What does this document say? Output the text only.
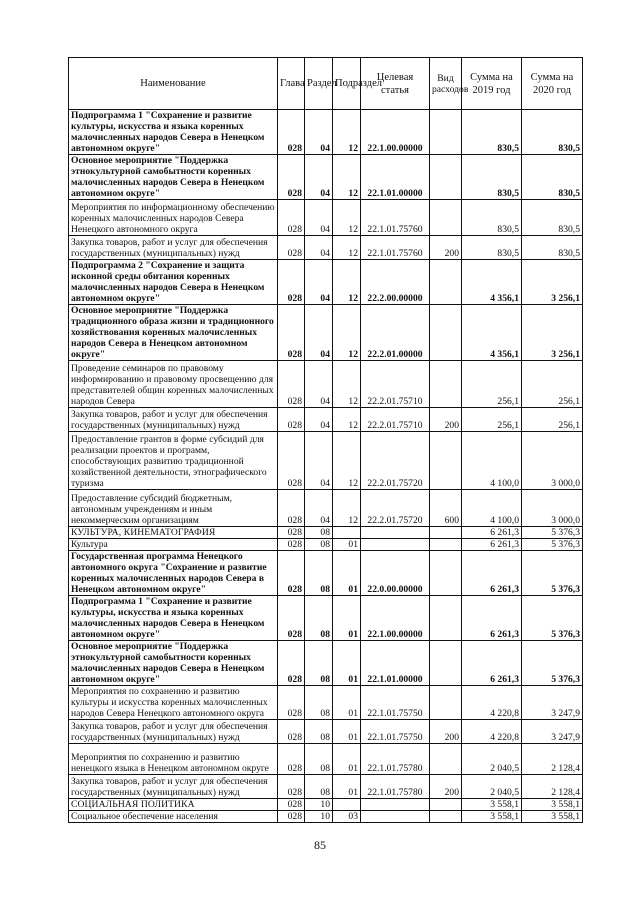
Наименование	Глава	Раздел	Подраздел	Целевая статья	Вид расходов	Сумма на 2019 год	Сумма на 2020 год
Подпрограмма 1 "Сохранение и развитие культуры, искусства и языка коренных малочисленных народов Севера в Ненецком автономном округе"	028	04	12	22.1.00.00000		830,5	830,5
Основное мероприятие "Поддержка этнокультурной самобытности коренных малочисленных народов Севера в Ненецком автономном округе"	028	04	12	22.1.01.00000		830,5	830,5
Мероприятия по информационному обеспечению коренных малочисленных народов Севера Ненецкого автономного округа	028	04	12	22.1.01.75760		830,5	830,5
Закупка товаров, работ и услуг для обеспечения государственных (муниципальных) нужд	028	04	12	22.1.01.75760	200	830,5	830,5
Подпрограмма 2 "Сохранение и защита исконной среды обитания коренных малочисленных народов Севера в Ненецком автономном округе"	028	04	12	22.2.00.00000		4 356,1	3 256,1
Основное мероприятие "Поддержка традиционного образа жизни и традиционного хозяйствования коренных малочисленных народов Севера в Ненецком автономном округе"	028	04	12	22.2.01.00000		4 356,1	3 256,1
Проведение семинаров по правовому информированию и правовому просвещению для представителей общин коренных малочисленных народов Севера	028	04	12	22.2.01.75710		256,1	256,1
Закупка товаров, работ и услуг для обеспечения государственных (муниципальных) нужд	028	04	12	22.2.01.75710	200	256,1	256,1
Предоставление грантов в форме субсидий для реализации проектов и программ, способствующих развитию традиционной хозяйственной деятельности, этнографического туризма	028	04	12	22.2.01.75720		4 100,0	3 000,0
Предоставление субсидий бюджетным, автономным учреждениям и иным некоммерческим организациям	028	04	12	22.2.01.75720	600	4 100,0	3 000,0
КУЛЬТУРА, КИНЕМАТОГРАФИЯ	028	08				6 261,3	5 376,3
Культура	028	08	01			6 261,3	5 376,3
Государственная программа Ненецкого автономного округа "Сохранение и развитие коренных малочисленных народов Севера в Ненецком автономном округе"	028	08	01	22.0.00.00000		6 261,3	5 376,3
Подпрограмма 1 "Сохранение и развитие культуры, искусства и языка коренных малочисленных народов Севера в Ненецком автономном округе"	028	08	01	22.1.00.00000		6 261,3	5 376,3
Основное мероприятие "Поддержка этнокультурной самобытности коренных малочисленных народов Севера в Ненецком автономном округе"	028	08	01	22.1.01.00000		6 261,3	5 376,3
Мероприятия по сохранению и развитию культуры и искусства коренных малочисленных народов Севера Ненецкого автономного округа	028	08	01	22.1.01.75750		4 220,8	3 247,9
Закупка товаров, работ и услуг для обеспечения государственных (муниципальных) нужд	028	08	01	22.1.01.75750	200	4 220,8	3 247,9
Мероприятия по сохранению и развитию ненецкого языка в Ненецком автономном округе	028	08	01	22.1.01.75780		2 040,5	2 128,4
Закупка товаров, работ и услуг для обеспечения государственных (муниципальных) нужд	028	08	01	22.1.01.75780	200	2 040,5	2 128,4
СОЦИАЛЬНАЯ ПОЛИТИКА	028	10				3 558,1	3 558,1
Социальное обеспечение населения	028	10	03			3 558,1	3 558,1
85
